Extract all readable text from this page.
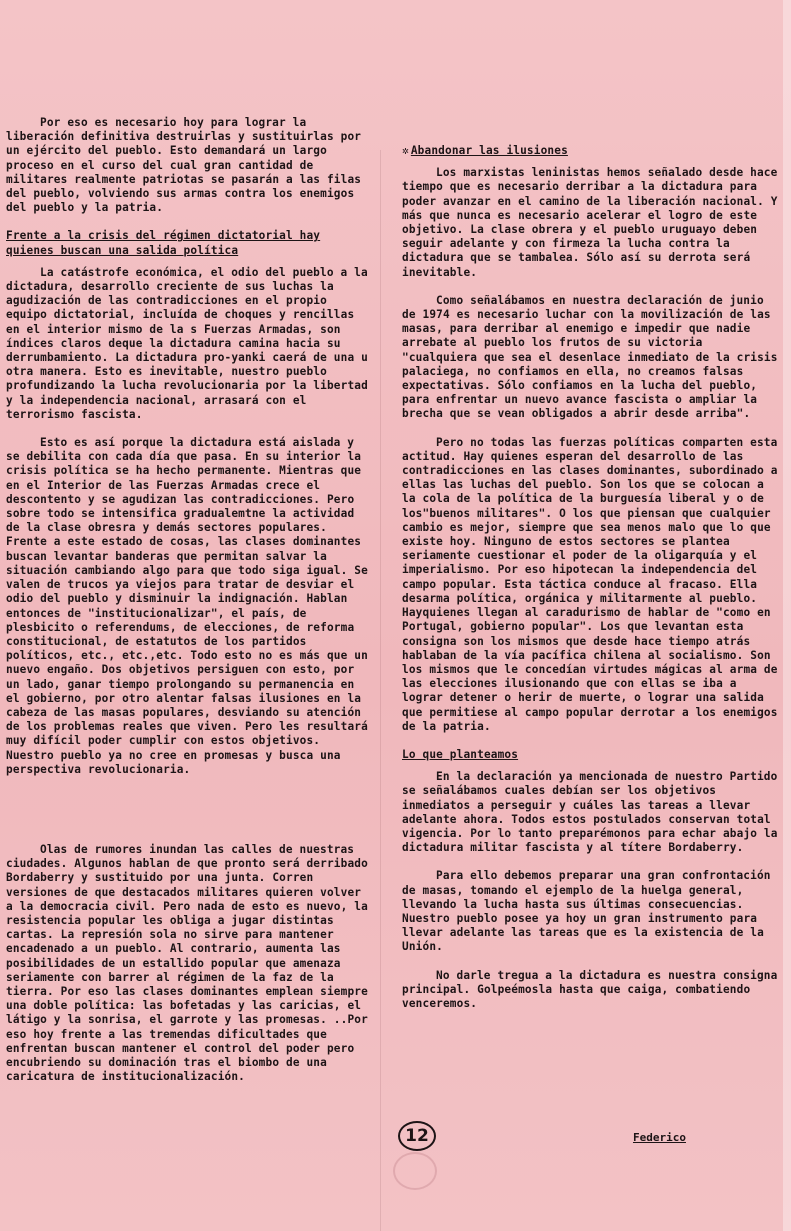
Por eso es necesario hoy para lograr la liberación definitiva destruirlas y sustituirlas por un ejército del pueblo. Esto demandará un largo proceso en el curso del cual gran cantidad de militares realmente patriotas se pasarán a las filas del pueblo, volviendo sus armas contra los enemigos del pueblo y la patria.

Frente a la crisis del régimen dictatorial hay quienes buscan una salida política

La catástrofe económica, el odio del pueblo a la dictadura, desarrollo creciente de sus luchas la agudización de las contradicciones en el propio equipo dictatorial, incluída de choques y rencillas en el interior mismo de la s Fuerzas Armadas, son índices claros deque la dictadura camina hacia su derrumbamiento. La dictadura pro-yanki caerá de una u otra manera. Esto es inevitable, nuestro pueblo profundizando la lucha revolucionaria por la libertad y la independencia nacional, arrasará con el terrorismo fascista.

Esto es así porque la dictadura está aislada y se debilita con cada día que pasa. En su interior la crisis política se ha hecho permanente. Mientras que en el Interior de las Fuerzas Armadas crece el descontento y se agudizan las contradicciones. Pero sobre todo se intensifica gradualemtne la actividad de la clase obresra y demás sectores populares. Frente a este estado de cosas, las clases dominantes buscan levantar banderas que permitan salvar la situación cambiando algo para que todo siga igual. Se valen de trucos ya viejos para tratar de desviar el odio del pueblo y disminuir la indignación. Hablan entonces de "institucionalizar", el país, de plesbicito o referendums, de elecciones, de reforma constitucional, de estatutos de los partidos políticos, etc., etc.,etc. Todo esto no es más que un nuevo engaño. Dos objetivos persiguen con esto, por un lado, ganar tiempo prolongando su permanencia en el gobierno, por otro alentar falsas ilusiones en la cabeza de las masas populares, desviando su atención de los problemas reales que viven. Pero les resultará muy difícil poder cumplir con estos objetivos. Nuestro pueblo ya no cree en promesas y busca una perspectiva revolucionaria.

Olas de rumores inundan las calles de nuestras ciudades. Algunos hablan de que pronto será derribado Bordaberry y sustituido por una junta. Corren versiones de que destacados militares quieren volver a la democracia civil. Pero nada de esto es nuevo, la resistencia popular les obliga a jugar distintas cartas. La represión sola no sirve para mantener encadenado a un pueblo. Al contrario, aumenta las posibilidades de un estallido popular que amenaza seriamente con barrer al régimen de la faz de la tierra. Por eso las clases dominantes emplean siempre una doble política: las bofetadas y las caricias, el látigo y la sonrisa, el garrote y las promesas. ..Por eso hoy frente a las tremendas dificultades que enfrentan buscan mantener el control del poder pero encubriendo su dominación tras el biombo de una caricatura de institucionalización.

✲ Abandonar las ilusiones

Los marxistas leninistas hemos señalado desde hace tiempo que es necesario derribar a la dictadura para poder avanzar en el camino de la liberación nacional. Y más que nunca es necesario acelerar el logro de este objetivo. La clase obrera y el pueblo uruguayo deben seguir adelante y con firmeza la lucha contra la dictadura que se tambalea. Sólo así su derrota será inevitable.

Como señalábamos en nuestra declaración de junio de 1974 es necesario luchar con la movilización de las masas, para derribar al enemigo e impedir que nadie arrebate al pueblo los frutos de su victoria "cualquiera que sea el desenlace inmediato de la crisis palaciega, no confiamos en ella, no creamos falsas expectativas. Sólo confiamos en la lucha del pueblo, para enfrentar un nuevo avance fascista o ampliar la brecha que se vean obligados a abrir desde arriba".

Pero no todas las fuerzas políticas comparten esta actitud. Hay quienes esperan del desarrollo de las contradicciones en las clases dominantes, subordinado a ellas las luchas del pueblo. Son los que se colocan a la cola de la política de la burguesía liberal y o de los"buenos militares". O los que piensan que cualquier cambio es mejor, siempre que sea menos malo que lo que existe hoy. Ninguno de estos sectores se plantea seriamente cuestionar el poder de la oligarquía y el imperialismo. Por eso hipotecan la independencia del campo popular. Esta táctica conduce al fracaso. Ella desarma política, orgánica y militarmente al pueblo. Hayquienes llegan al caradurismo de hablar de "como en Portugal, gobierno popular". Los que levantan esta consigna son los mismos que desde hace tiempo atrás hablaban de la vía pacífica chilena al socialismo. Son los mismos que le concedían virtudes mágicas al arma de las elecciones ilusionando que con ellas se iba a lograr detener o herir de muerte, o lograr una salida que permitiese al campo popular derrotar a los enemigos de la patria.

Lo que planteamos

En la declaración ya mencionada de nuestro Partido se señalábamos cuales debían ser los objetivos inmediatos a perseguir y cuáles las tareas a llevar adelante ahora. Todos estos postulados conservan total vigencia. Por lo tanto preparémonos para echar abajo la dictadura militar fascista y al títere Bordaberry.

Para ello debemos preparar una gran confrontación de masas, tomando el ejemplo de la huelga general, llevando la lucha hasta sus últimas consecuencias. Nuestro pueblo posee ya hoy un gran instrumento para llevar adelante las tareas que es la existencia de la Unión.

No darle tregua a la dictadura es nuestra consigna principal. Golpeémosla hasta que caiga, combatiendo venceremos.

12	Federico
